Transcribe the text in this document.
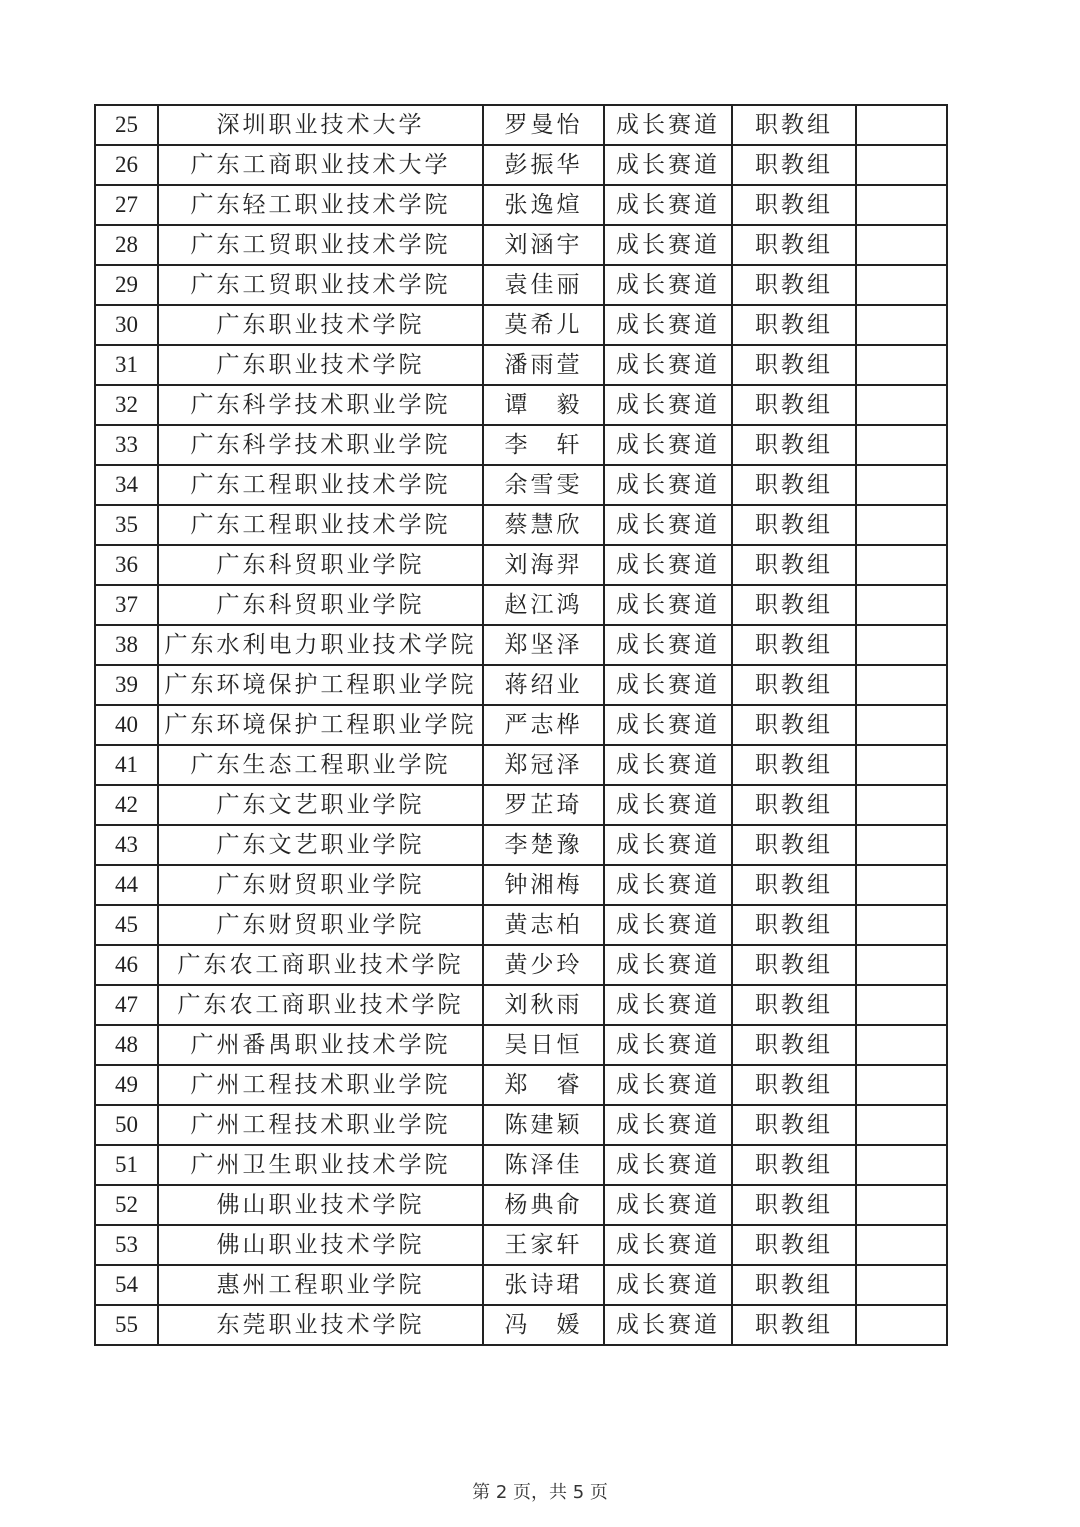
25	深圳职业技术大学	罗曼怡	成长赛道	职教组	
26	广东工商职业技术大学	彭振华	成长赛道	职教组	
27	广东轻工职业技术学院	张逸煊	成长赛道	职教组	
28	广东工贸职业技术学院	刘涵宇	成长赛道	职教组	
29	广东工贸职业技术学院	袁佳丽	成长赛道	职教组	
30	广东职业技术学院	莫希儿	成长赛道	职教组	
31	广东职业技术学院	潘雨萱	成长赛道	职教组	
32	广东科学技术职业学院	谭　毅	成长赛道	职教组	
33	广东科学技术职业学院	李　轩	成长赛道	职教组	
34	广东工程职业技术学院	余雪雯	成长赛道	职教组	
35	广东工程职业技术学院	蔡慧欣	成长赛道	职教组	
36	广东科贸职业学院	刘海羿	成长赛道	职教组	
37	广东科贸职业学院	赵江鸿	成长赛道	职教组	
38	广东水利电力职业技术学院	郑坚泽	成长赛道	职教组	
39	广东环境保护工程职业学院	蒋绍业	成长赛道	职教组	
40	广东环境保护工程职业学院	严志桦	成长赛道	职教组	
41	广东生态工程职业学院	郑冠泽	成长赛道	职教组	
42	广东文艺职业学院	罗芷琦	成长赛道	职教组	
43	广东文艺职业学院	李楚豫	成长赛道	职教组	
44	广东财贸职业学院	钟湘梅	成长赛道	职教组	
45	广东财贸职业学院	黄志柏	成长赛道	职教组	
46	广东农工商职业技术学院	黄少玲	成长赛道	职教组	
47	广东农工商职业技术学院	刘秋雨	成长赛道	职教组	
48	广州番禺职业技术学院	吴日恒	成长赛道	职教组	
49	广州工程技术职业学院	郑　睿	成长赛道	职教组	
50	广州工程技术职业学院	陈建颖	成长赛道	职教组	
51	广州卫生职业技术学院	陈泽佳	成长赛道	职教组	
52	佛山职业技术学院	杨典俞	成长赛道	职教组	
53	佛山职业技术学院	王家轩	成长赛道	职教组	
54	惠州工程职业学院	张诗珺	成长赛道	职教组	
55	东莞职业技术学院	冯　媛	成长赛道	职教组	
第 2 页，共 5 页
